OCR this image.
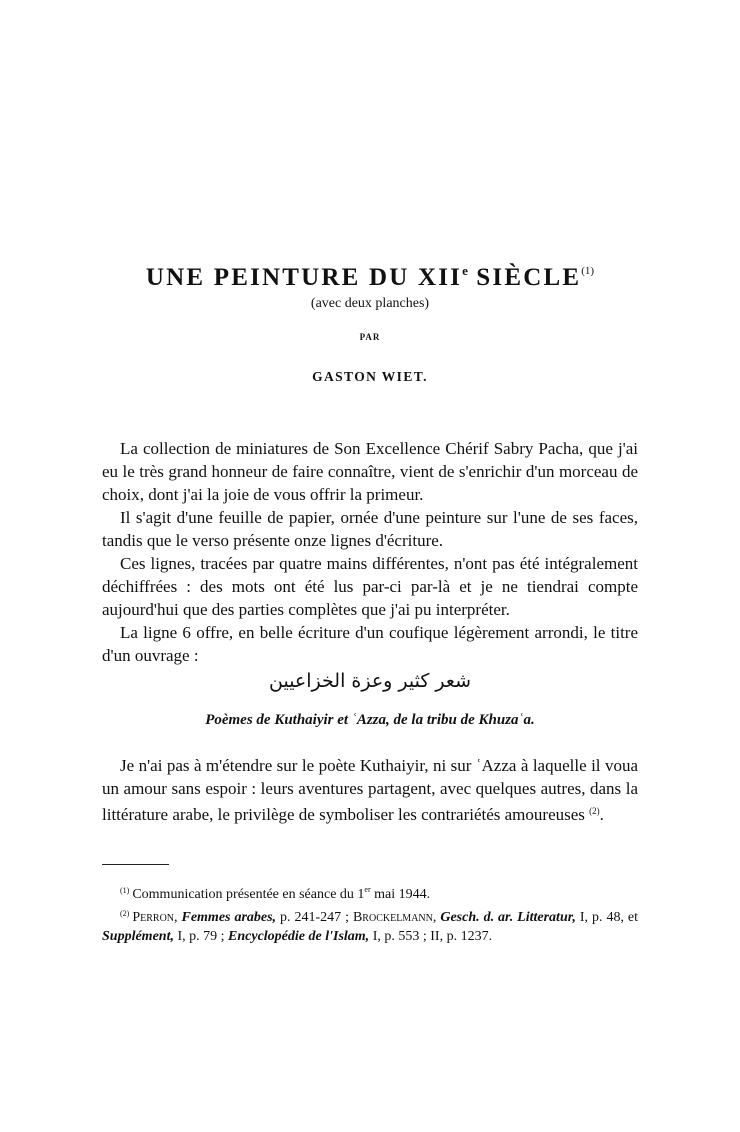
UNE PEINTURE DU XIIe SIÈCLE$^{(1)}$
(avec deux planches)
PAR
GASTON WIET.

La collection de miniatures de Son Excellence Chérif Sabry Pacha, que j'ai eu le très grand honneur de faire connaître, vient de s'enrichir d'un morceau de choix, dont j'ai la joie de vous offrir la primeur.

Il s'agit d'une feuille de papier, ornée d'une peinture sur l'une de ses faces, tandis que le verso présente onze lignes d'écriture.

Ces lignes, tracées par quatre mains différentes, n'ont pas été intégralement déchiffrées : des mots ont été lus par-ci par-là et je ne tiendrai compte aujourd'hui que des parties complètes que j'ai pu interpréter.

La ligne 6 offre, en belle écriture d'un coufique légèrement arrondi, le titre d'un ouvrage :

شعر كثير وعزة الخزاعيين
Poèmes de Kuthaiyir et ʿAzza, de la tribu de Khuzaʿa.

Je n'ai pas à m'étendre sur le poète Kuthaiyir, ni sur ʿAzza à laquelle il voua un amour sans espoir : leurs aventures partagent, avec quelques autres, dans la littérature arabe, le privilège de symboliser les contrariétés amoureuses $^{(2)}$.

$^{(1)}$ Communication présentée en séance du 1er mai 1944.

$^{(2)}$ Perron, Femmes arabes, p. 241-247 ; Brockelmann, Gesch. d. ar. Litteratur, I, p. 48, et Supplément, I, p. 79 ; Encyclopédie de l'Islam, I, p. 553 ; II, p. 1237.
